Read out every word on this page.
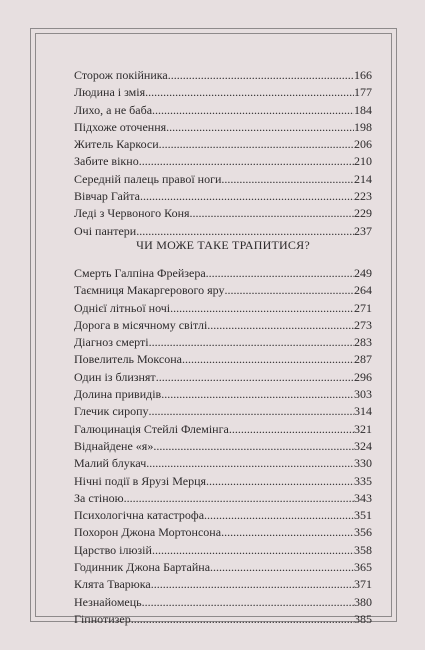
Сторож покійника .....	166
Людина і змія .....	177
Лихо, а не баба .....	184
Підхоже оточення .....	198
Житель Каркоси .....	206
Забите вікно .....	210
Середній палець правої ноги .....	214
Вівчар Гайта .....	223
Леді з Червоного Коня .....	229
Очі пантери .....	237
ЧИ МОЖЕ ТАКЕ ТРАПИТИСЯ?
Смерть Галпіна Фрейзера .....	249
Таємниця Макаргерового яру .....	264
Однієї літньої ночі .....	271
Дорога в місячному світлі .....	273
Діагноз смерті .....	283
Повелитель Моксона .....	287
Один із близнят .....	296
Долина привидів .....	303
Глечик сиропу .....	314
Галюцинація Стейлі Флемінга .....	321
Віднайдене «я» .....	324
Малий блукач .....	330
Нічні події в Ярузі Мерця .....	335
За стіною .....	343
Психологічна катастрофа .....	351
Похорон Джона Мортонсона .....	356
Царство ілюзій .....	358
Годинник Джона Бартайна .....	365
Клята Тварюка .....	371
Незнайомець .....	380
Гіпнотизер .....	385
